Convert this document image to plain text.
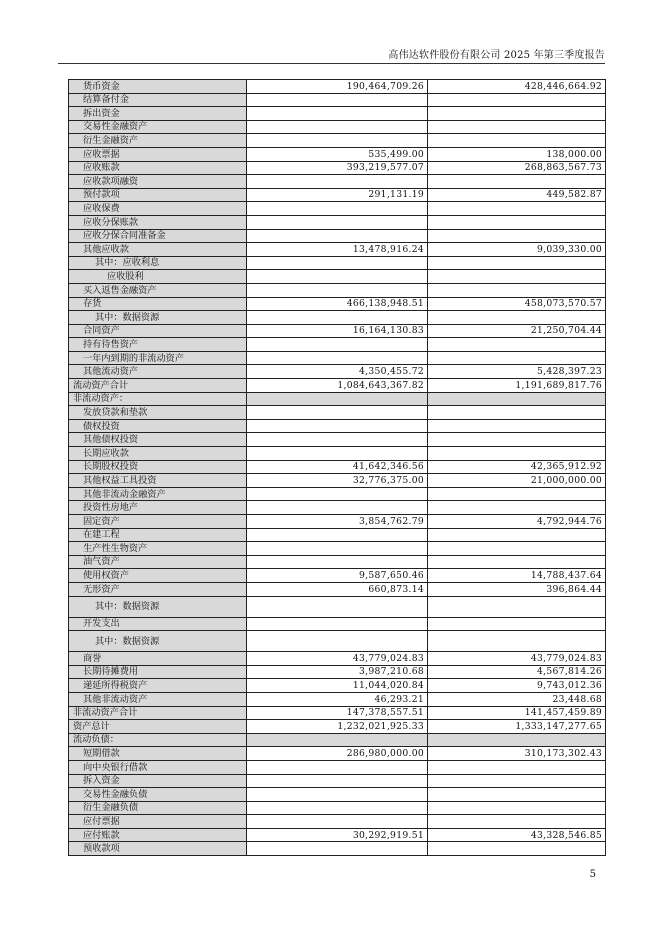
高伟达软件股份有限公司 2025 年第三季度报告
货币资金	190,464,709.26	428,446,664.92
结算备付金		
拆出资金		
交易性金融资产		
衍生金融资产		
应收票据	535,499.00	138,000.00
应收账款	393,219,577.07	268,863,567.73
应收款项融资		
预付款项	291,131.19	449,582.87
应收保费		
应收分保账款		
应收分保合同准备金		
其他应收款	13,478,916.24	9,039,330.00
其中：应收利息		
应收股利		
买入返售金融资产		
存货	466,138,948.51	458,073,570.57
其中：数据资源		
合同资产	16,164,130.83	21,250,704.44
持有待售资产		
一年内到期的非流动资产		
其他流动资产	4,350,455.72	5,428,397.23
流动资产合计	1,084,643,367.82	1,191,689,817.76
非流动资产：		
发放贷款和垫款		
债权投资		
其他债权投资		
长期应收款		
长期股权投资	41,642,346.56	42,365,912.92
其他权益工具投资	32,776,375.00	21,000,000.00
其他非流动金融资产		
投资性房地产		
固定资产	3,854,762.79	4,792,944.76
在建工程		
生产性生物资产		
油气资产		
使用权资产	9,587,650.46	14,788,437.64
无形资产	660,873.14	396,864.44
其中：数据资源		
开发支出		
其中：数据资源		
商誉	43,779,024.83	43,779,024.83
长期待摊费用	3,987,210.68	4,567,814.26
递延所得税资产	11,044,020.84	9,743,012.36
其他非流动资产	46,293.21	23,448.68
非流动资产合计	147,378,557.51	141,457,459.89
资产总计	1,232,021,925.33	1,333,147,277.65
流动负债：		
短期借款	286,980,000.00	310,173,302.43
向中央银行借款		
拆入资金		
交易性金融负债		
衍生金融负债		
应付票据		
应付账款	30,292,919.51	43,328,546.85
预收款项		
5
